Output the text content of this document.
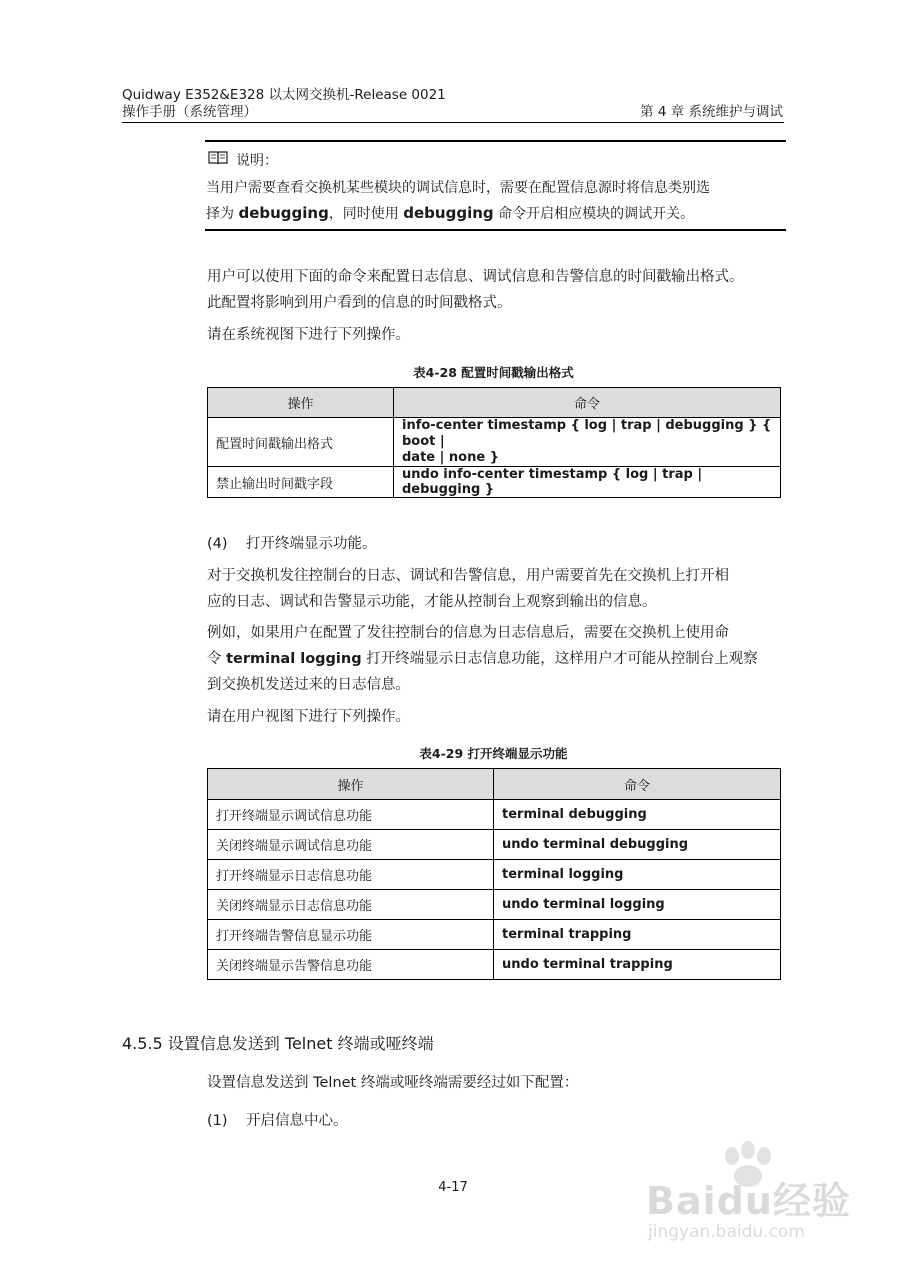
Quidway E352&E328 以太网交换机-Release 0021
操作手册（系统管理）	第 4 章 系统维护与调试
说明：
当用户需要查看交换机某些模块的调试信息时，需要在配置信息源时将信息类别选
择为 debugging，同时使用 debugging 命令开启相应模块的调试开关。
用户可以使用下面的命令来配置日志信息、调试信息和告警信息的时间戳输出格式。
此配置将影响到用户看到的信息的时间戳格式。
请在系统视图下进行下列操作。
表4-28 配置时间戳输出格式
操作	命令
配置时间戳输出格式	info-center timestamp { log | trap | debugging } { boot |
date | none }

禁止输出时间戳字段	undo info-center timestamp { log | trap | debugging }
(4) 打开终端显示功能。
对于交换机发往控制台的日志、调试和告警信息，用户需要首先在交换机上打开相
应的日志、调试和告警显示功能，才能从控制台上观察到输出的信息。
例如，如果用户在配置了发往控制台的信息为日志信息后，需要在交换机上使用命
令 terminal logging 打开终端显示日志信息功能，这样用户才可能从控制台上观察
到交换机发送过来的日志信息。
请在用户视图下进行下列操作。
表4-29 打开终端显示功能
操作	命令
打开终端显示调试信息功能	terminal debugging
关闭终端显示调试信息功能	undo terminal debugging
打开终端显示日志信息功能	terminal logging
关闭终端显示日志信息功能	undo terminal logging
打开终端告警信息显示功能	terminal trapping
关闭终端显示告警信息功能	undo terminal trapping
4.5.5 设置信息发送到 Telnet 终端或哑终端
设置信息发送到 Telnet 终端或哑终端需要经过如下配置：
(1) 开启信息中心。
4-17	Baidu经验
jingyan.baidu.com
